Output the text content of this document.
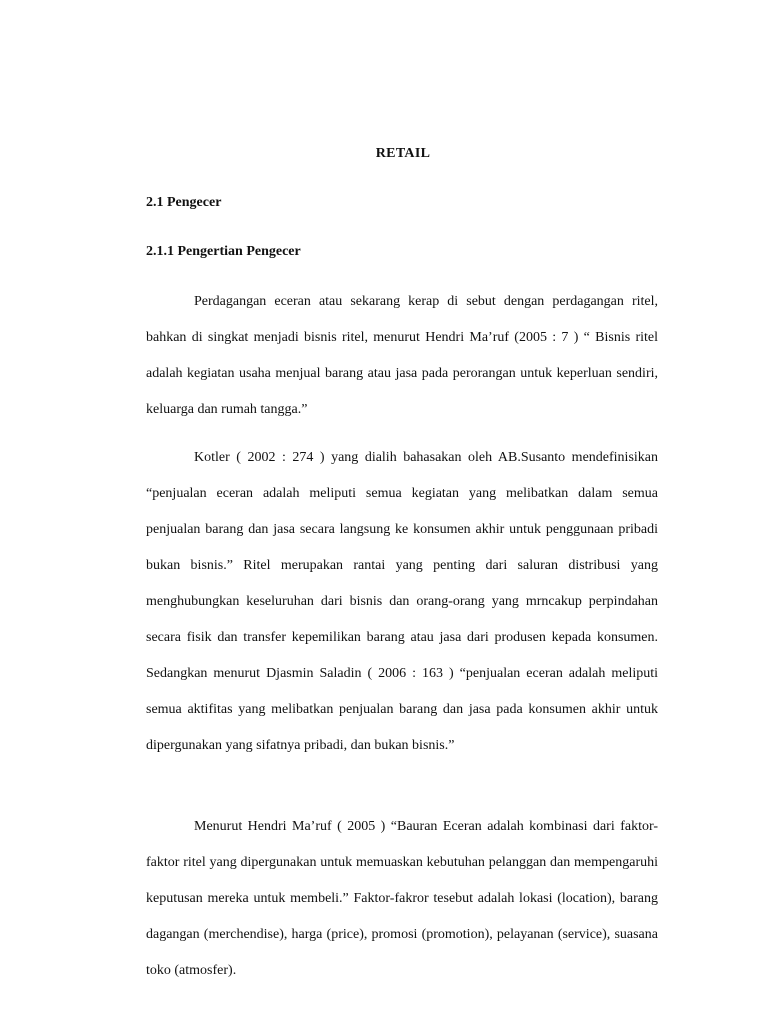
RETAIL
2.1 Pengecer
2.1.1 Pengertian Pengecer

Perdagangan eceran atau sekarang kerap di sebut dengan perdagangan ritel, bahkan di singkat menjadi bisnis ritel, menurut Hendri Ma’ruf (2005 : 7 ) “ Bisnis ritel adalah kegiatan usaha menjual barang atau jasa pada perorangan untuk keperluan sendiri, keluarga dan rumah tangga.”

Kotler ( 2002 : 274 ) yang dialih bahasakan oleh AB.Susanto mendefinisikan “penjualan eceran adalah meliputi semua kegiatan yang melibatkan dalam semua penjualan barang dan jasa secara langsung ke konsumen akhir untuk penggunaan pribadi bukan bisnis.” Ritel merupakan rantai yang penting dari saluran distribusi yang menghubungkan keseluruhan dari bisnis dan orang-orang yang mrncakup perpindahan secara fisik dan transfer kepemilikan barang atau jasa dari produsen kepada konsumen. Sedangkan menurut Djasmin Saladin ( 2006 : 163 ) “penjualan eceran adalah meliputi semua aktifitas yang melibatkan penjualan barang dan jasa pada konsumen akhir untuk dipergunakan yang sifatnya pribadi, dan bukan bisnis.”

Menurut Hendri Ma’ruf ( 2005 ) “Bauran Eceran adalah kombinasi dari faktor-faktor ritel yang dipergunakan untuk memuaskan kebutuhan pelanggan dan mempengaruhi keputusan mereka untuk membeli.” Faktor-fakror tesebut adalah lokasi (location), barang dagangan (merchendise), harga (price), promosi (promotion), pelayanan (service), suasana toko (atmosfer).
